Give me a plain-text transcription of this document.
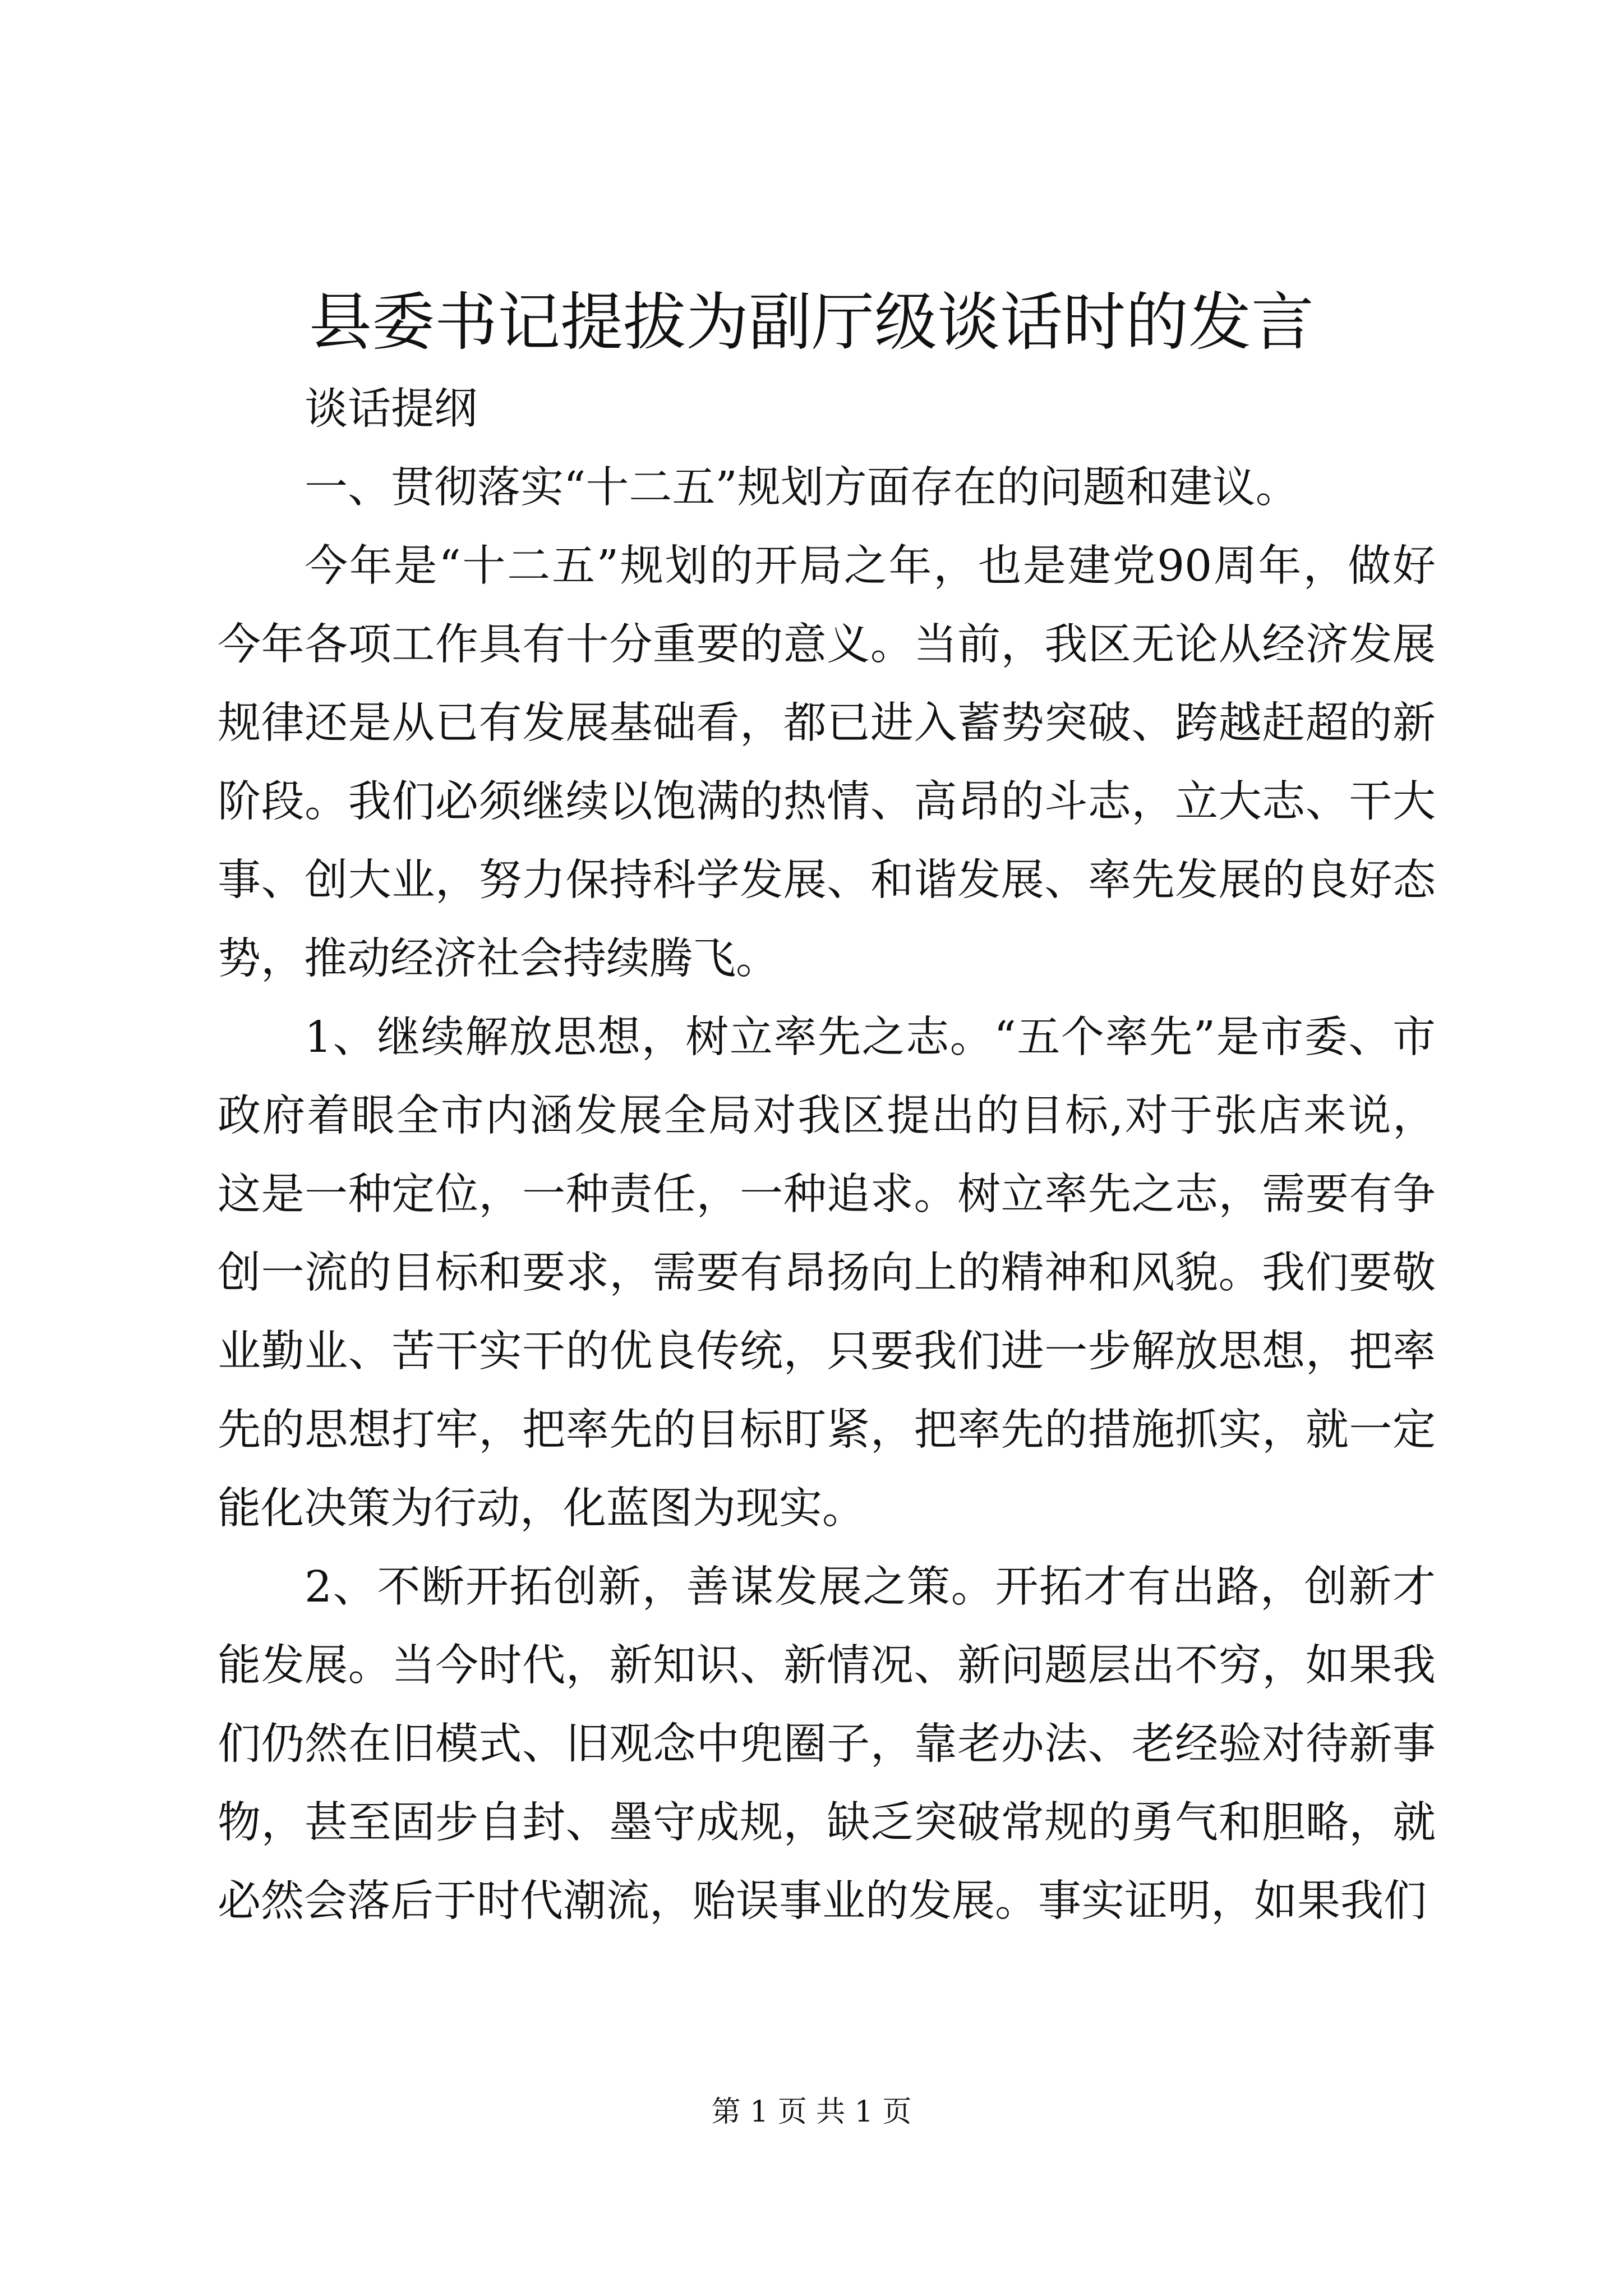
县委书记提拔为副厅级谈话时的发言

谈话提纲

一、贯彻落实“十二五”规划方面存在的问题和建议。

今年是“十二五”规划的开局之年，也是建党90周年，做好今年各项工作具有十分重要的意义。当前，我区无论从经济发展规律还是从已有发展基础看，都已进入蓄势突破、跨越赶超的新阶段。我们必须继续以饱满的热情、高昂的斗志，立大志、干大事、创大业，努力保持科学发展、和谐发展、率先发展的良好态势，推动经济社会持续腾飞。

1、继续解放思想，树立率先之志。“五个率先”是市委、市政府着眼全市内涵发展全局对我区提出的目标,对于张店来说，这是一种定位，一种责任，一种追求。树立率先之志，需要有争创一流的目标和要求，需要有昂扬向上的精神和风貌。我们要敬业勤业、苦干实干的优良传统，只要我们进一步解放思想，把率先的思想打牢，把率先的目标盯紧，把率先的措施抓实，就一定能化决策为行动，化蓝图为现实。

2、不断开拓创新，善谋发展之策。开拓才有出路，创新才能发展。当今时代，新知识、新情况、新问题层出不穷，如果我们仍然在旧模式、旧观念中兜圈子，靠老办法、老经验对待新事物，甚至固步自封、墨守成规，缺乏突破常规的勇气和胆略，就必然会落后于时代潮流，贻误事业的发展。事实证明，如果我们

第 1 页 共 1 页
